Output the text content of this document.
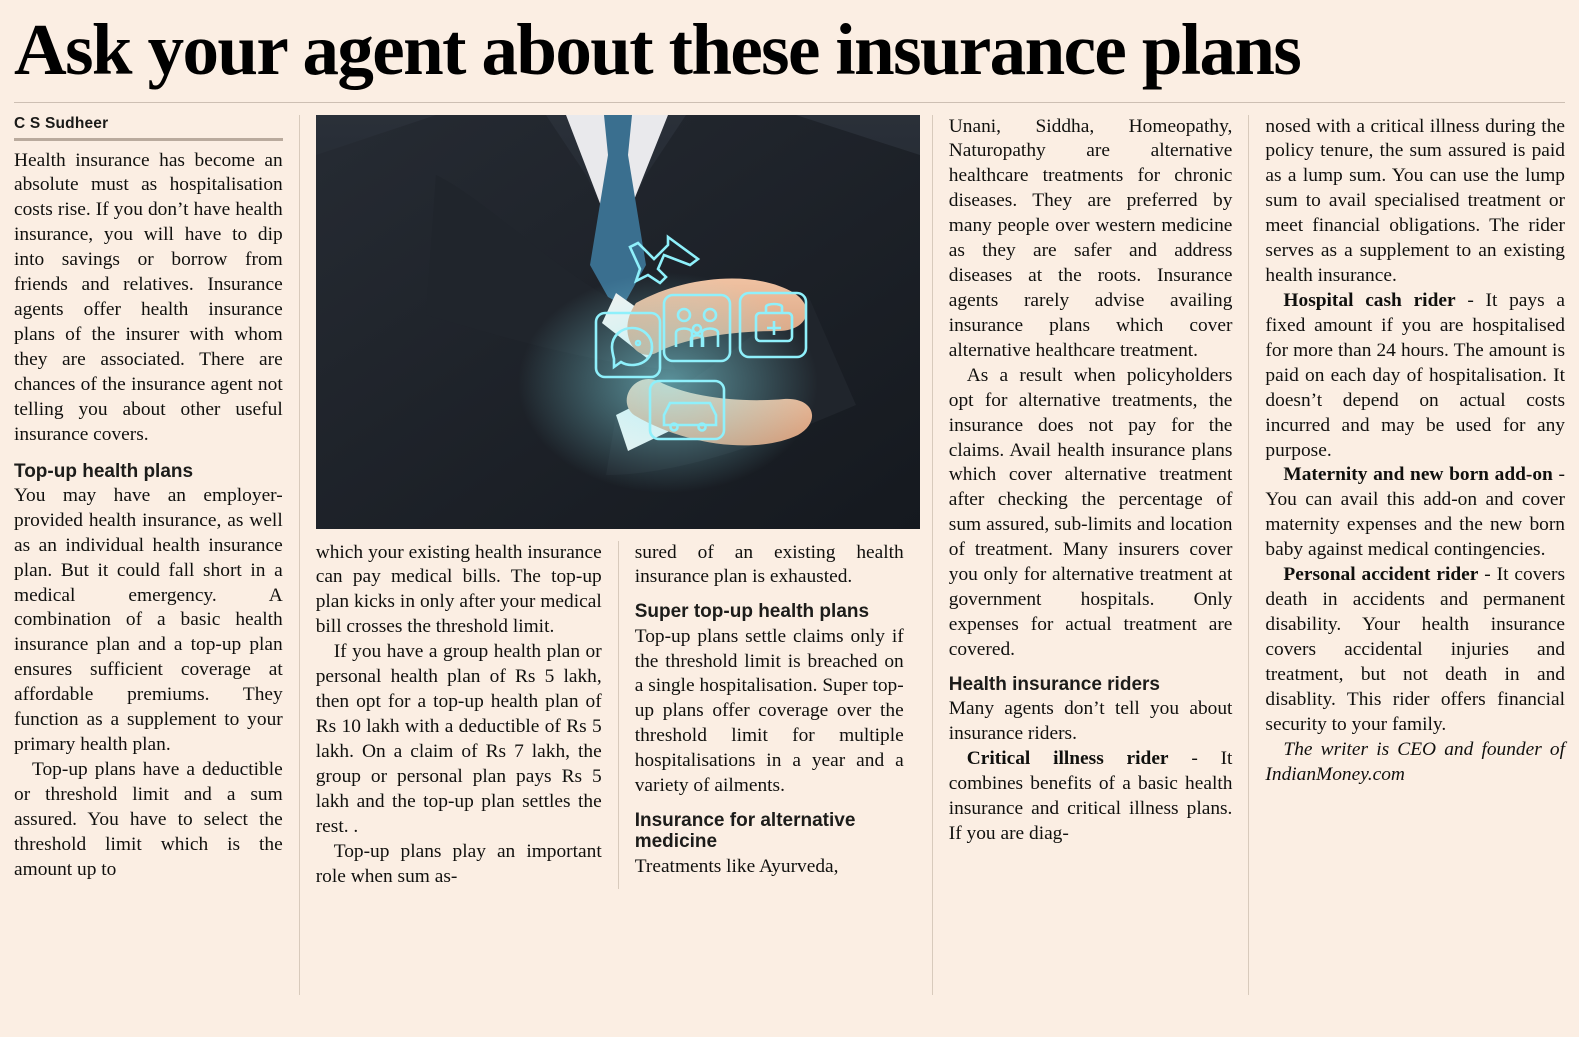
Ask your agent about these insurance plans
C S Sudheer

Health insurance has become an absolute must as hospitalisation costs rise. If you don’t have health insurance, you will have to dip into savings or borrow from friends and relatives. Insurance agents offer health insurance plans of the insurer with whom they are associated. There are chances of the insurance agent not telling you about other useful insurance covers.

Top-up health plans

You may have an employer-provided health insurance, as well as an individual health insurance plan. But it could fall short in a medical emergency. A combination of a basic health insurance plan and a top-up plan ensures sufficient coverage at affordable premiums. They function as a supplement to your primary health plan.

Top-up plans have a deductible or threshold limit and a sum assured. You have to select the threshold limit which is the amount up to

which your existing health insurance can pay medical bills. The top-up plan kicks in only after your medical bill crosses the threshold limit.

If you have a group health plan or personal health plan of Rs 5 lakh, then opt for a top-up health plan of Rs 10 lakh with a deductible of Rs 5 lakh. On a claim of Rs 7 lakh, the group or personal plan pays Rs 5 lakh and the top-up plan settles the rest. .

Top-up plans play an important role when sum as-

sured of an existing health insurance plan is exhausted.

Super top-up health plans

Top-up plans settle claims only if the threshold limit is breached on a single hospitalisation. Super top-up plans offer coverage over the threshold limit for multiple hospitalisations in a year and a variety of ailments.

Insurance for alternative medicine

Treatments like Ayurveda,

Unani, Siddha, Homeopathy, Naturopathy are alternative healthcare treatments for chronic diseases. They are preferred by many people over western medicine as they are safer and address diseases at the roots. Insurance agents rarely advise availing insurance plans which cover alternative healthcare treatment.

As a result when policyholders opt for alternative treatments, the insurance does not pay for the claims. Avail health insurance plans which cover alternative treatment after checking the percentage of sum assured, sub-limits and location of treatment. Many insurers cover you only for alternative treatment at government hospitals. Only expenses for actual treatment are covered.

Health insurance riders

Many agents don’t tell you about insurance riders.

Critical illness rider - It combines benefits of a basic health insurance and critical illness plans. If you are diag-

nosed with a critical illness during the policy tenure, the sum assured is paid as a lump sum. You can use the lump sum to avail specialised treatment or meet financial obligations. The rider serves as a supplement to an existing health insurance.

Hospital cash rider - It pays a fixed amount if you are hospitalised for more than 24 hours. The amount is paid on each day of hospitalisation. It doesn’t depend on actual costs incurred and may be used for any purpose.

Maternity and new born add-on - You can avail this add-on and cover maternity expenses and the new born baby against medical contingencies.

Personal accident rider - It covers death in accidents and permanent disability. Your health insurance covers accidental injuries and treatment, but not death in and disablity. This rider offers financial security to your family.

The writer is CEO and founder of IndianMoney.com
